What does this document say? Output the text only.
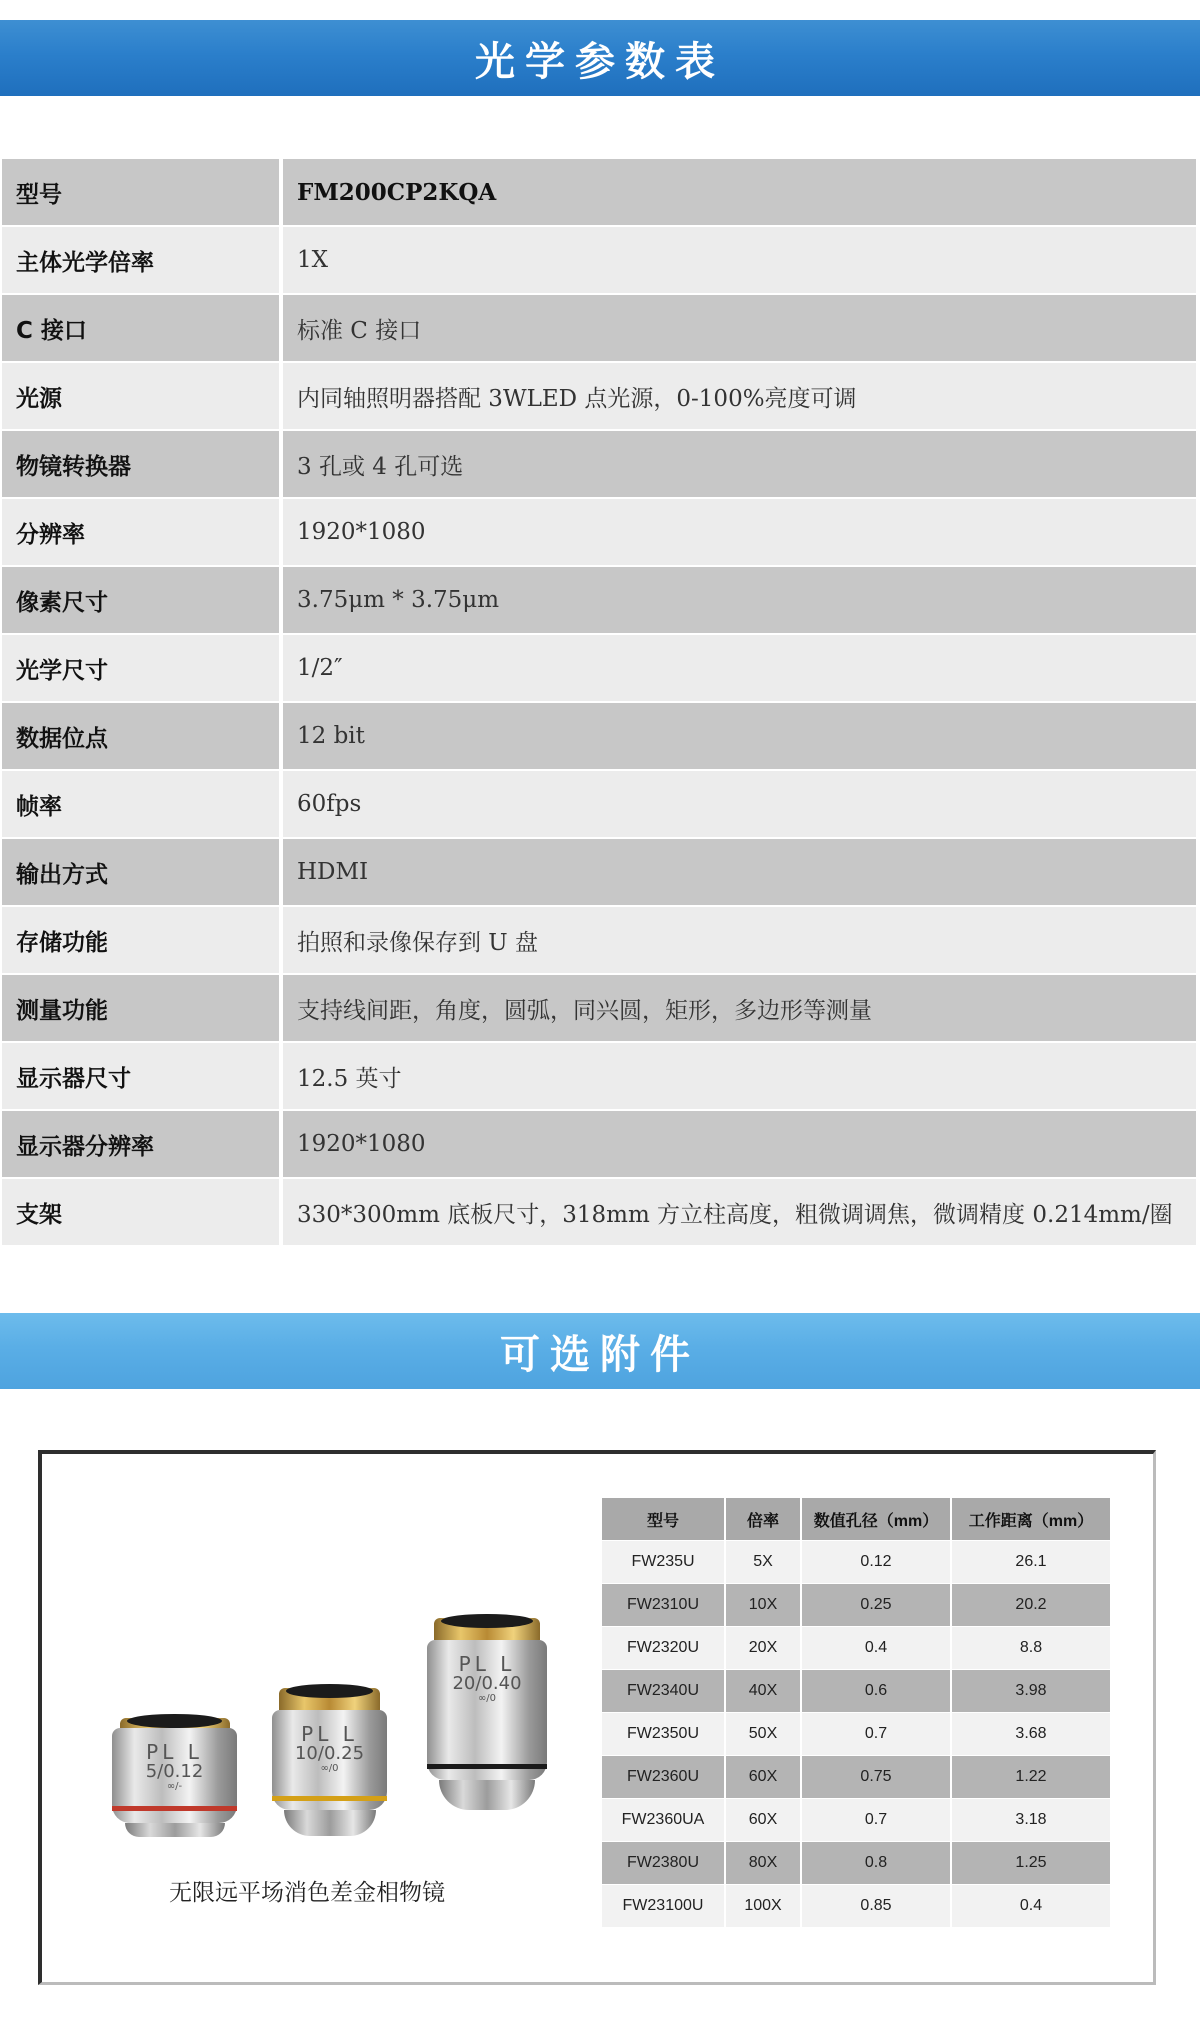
光学参数表
型号	FM200CP2KQA
主体光学倍率	1X
C 接口	标准 C 接口
光源	内同轴照明器搭配 3WLED 点光源，0-100%亮度可调
物镜转换器	3 孔或 4 孔可选
分辨率	1920*1080
像素尺寸	3.75μm * 3.75μm
光学尺寸	1/2″
数据位点	12 bit
帧率	60fps
输出方式	HDMI
存储功能	拍照和录像保存到 U 盘
测量功能	支持线间距，角度，圆弧，同兴圆，矩形，多边形等测量
显示器尺寸	12.5 英寸
显示器分辨率	1920*1080
支架	330*300mm 底板尺寸，318mm 方立柱高度，粗微调调焦，微调精度 0.214mm/圈
可选附件
PL L
5/0.12
∞/-
PL L
10/0.25
∞/0
PL L
20/0.40
∞/0
无限远平场消色差金相物镜
型号	倍率	数值孔径（mm）	工作距离（mm）
FW235U	5X	0.12	26.1
FW2310U	10X	0.25	20.2
FW2320U	20X	0.4	8.8
FW2340U	40X	0.6	3.98
FW2350U	50X	0.7	3.68
FW2360U	60X	0.75	1.22
FW2360UA	60X	0.7	3.18
FW2380U	80X	0.8	1.25
FW23100U	100X	0.85	0.4
